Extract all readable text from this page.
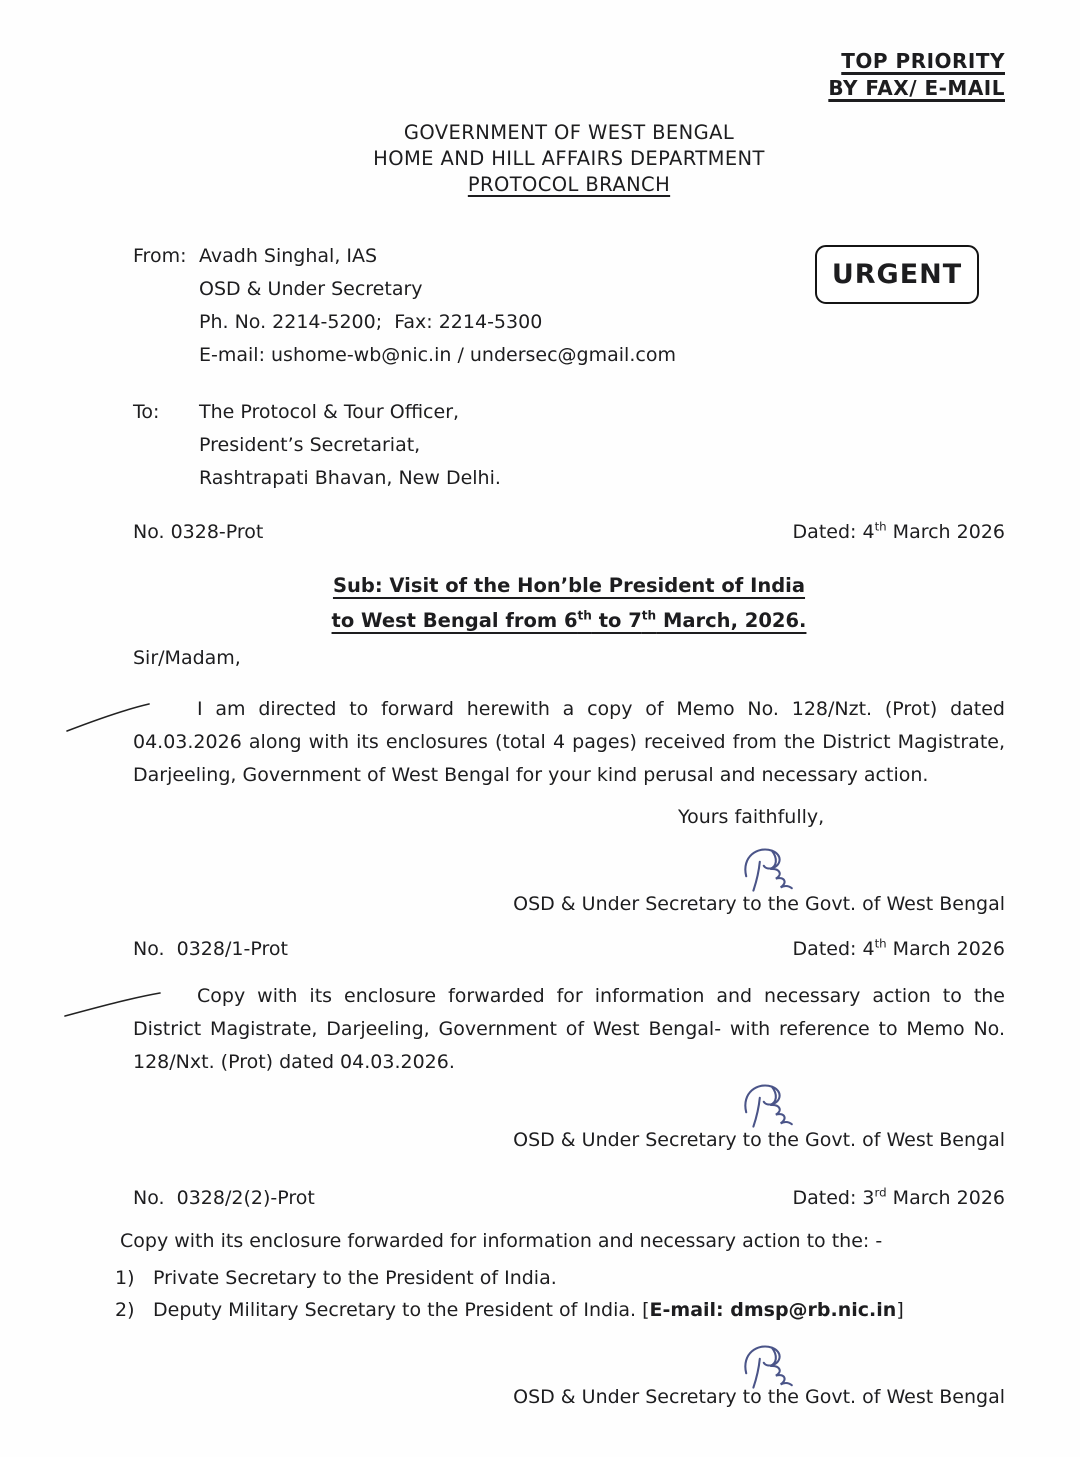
URGENT
TOP PRIORITY
BY FAX/ E-MAIL
GOVERNMENT OF WEST BENGAL
HOME AND HILL AFFAIRS DEPARTMENT
PROTOCOL BRANCH
From: Avadh Singhal, IAS
OSD & Under Secretary
Ph. No. 2214-5200;  Fax: 2214-5300
E-mail: ushome-wb@nic.in / undersec@gmail.com
To:	The Protocol & Tour Officer,
President’s Secretariat,
Rashtrapati Bhavan, New Delhi.
No. 0328-Prot	Dated: 4th March 2026
Sub: Visit of the Hon’ble President of India
to West Bengal from 6th to 7th March, 2026.
Sir/Madam,
I am directed to forward herewith a copy of Memo No. 128/Nzt. (Prot) dated 04.03.2026 along with its enclosures (total 4 pages) received from the District Magistrate, Darjeeling, Government of West Bengal for your kind perusal and necessary action.
Yours faithfully,
OSD & Under Secretary to the Govt. of West Bengal
No.  0328/1-Prot	Dated: 4th March 2026
Copy with its enclosure forwarded for information and necessary action to the District Magistrate, Darjeeling, Government of West Bengal- with reference to Memo No. 128/Nxt. (Prot) dated 04.03.2026.
OSD & Under Secretary to the Govt. of West Bengal
No.  0328/2(2)-Prot	Dated: 3rd March 2026
Copy with its enclosure forwarded for information and necessary action to the: -
1) Private Secretary to the President of India.
2) Deputy Military Secretary to the President of India. [E-mail: dmsp@rb.nic.in]
OSD & Under Secretary to the Govt. of West Bengal
